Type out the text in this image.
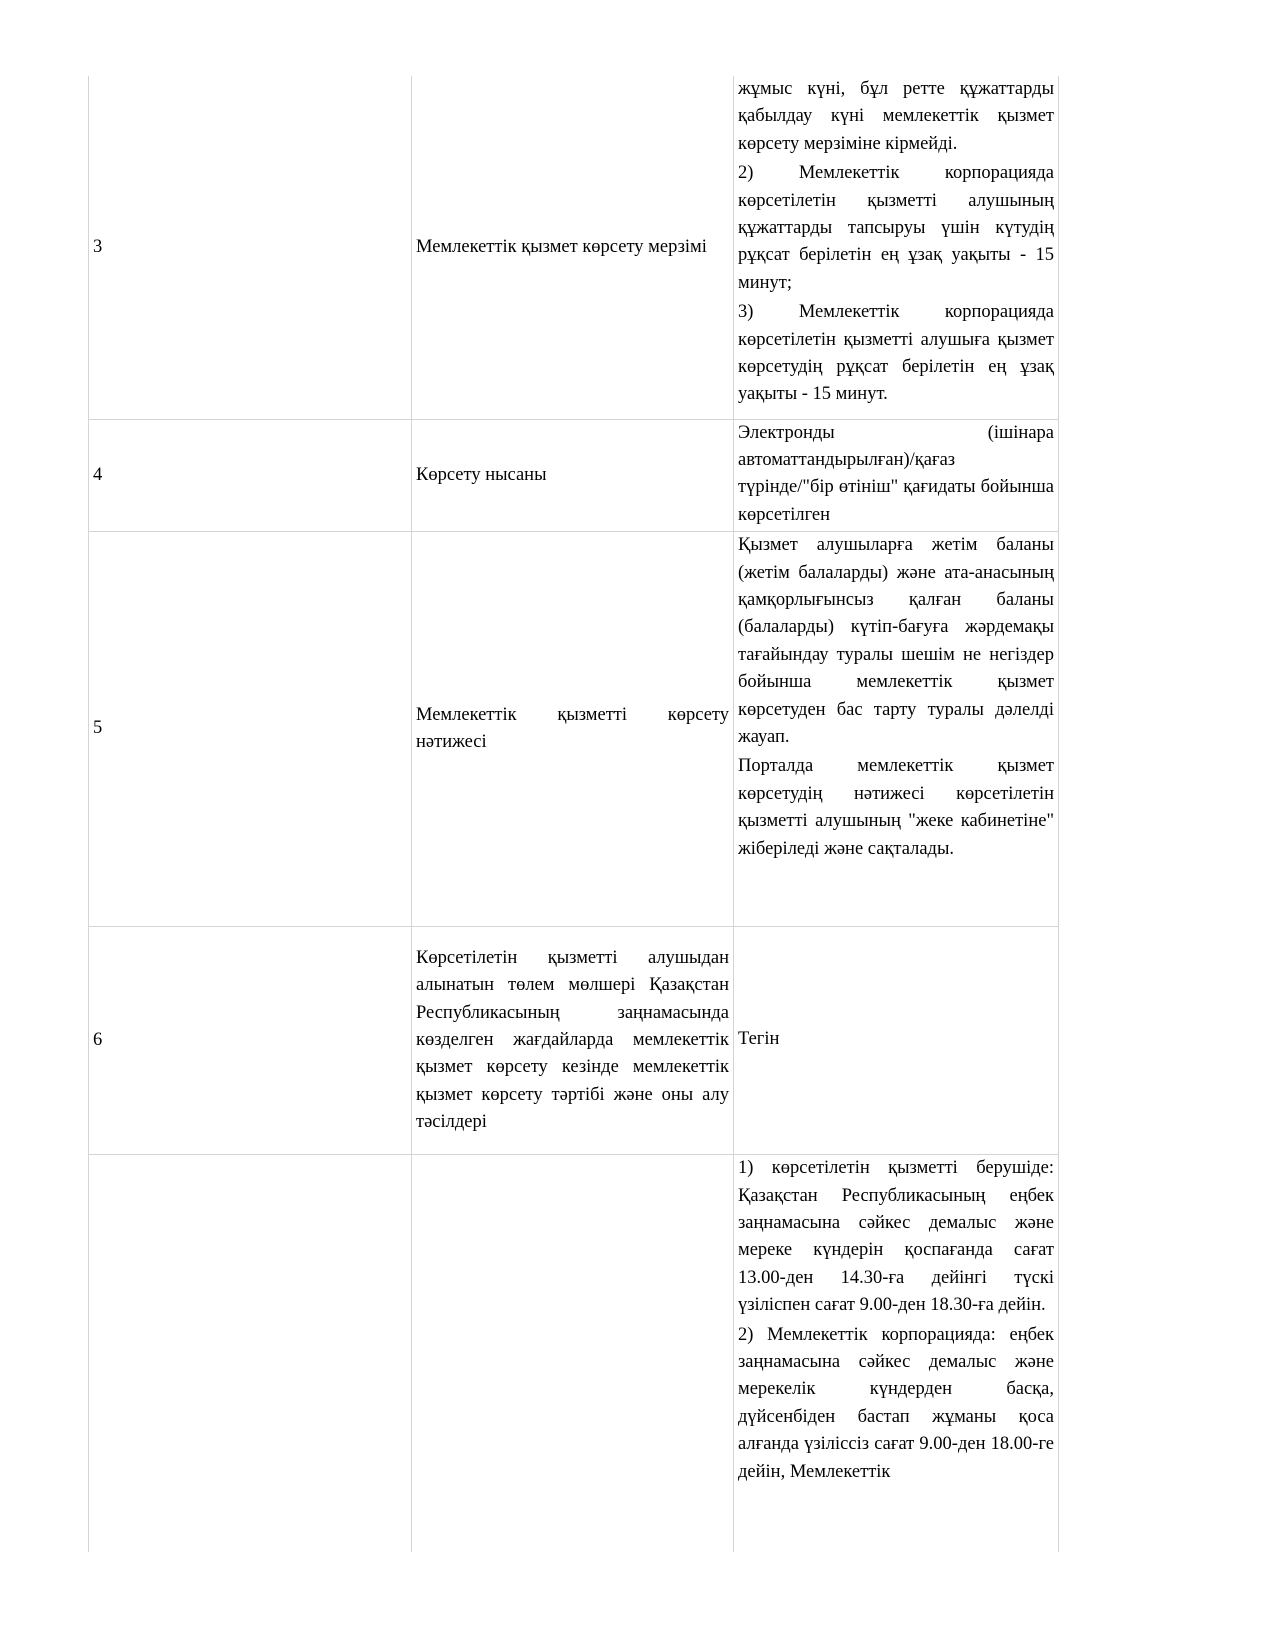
3	Мемлекеттік қызмет көрсету мерзімі	жұмыс күні, бұл ретте құжаттарды қабылдау күні мемлекеттік қызмет көрсету мерзіміне кірмейді.

2) Мемлекеттік корпорацияда көрсетілетін қызметті алушының құжаттарды тапсыруы үшін күтудің рұқсат берілетін ең ұзақ уақыты - 15 минут;

3) Мемлекеттік корпорацияда көрсетілетін қызметті алушыға қызмет көрсетудің рұқсат берілетін ең ұзақ уақыты - 15 минут.

4	Көрсету нысаны	Электронды (ішінара автоматтандырылған)/қағаз түрінде/"бір өтініш" қағидаты бойынша көрсетілген

5	Мемлекеттік қызметті көрсету нәтижесі	Қызмет алушыларға жетім баланы (жетім балаларды) және ата-анасының қамқорлығынсыз қалған баланы (балаларды) күтіп-бағуға жәрдемақы тағайындау туралы шешім не негіздер бойынша мемлекеттік қызмет көрсетуден бас тарту туралы дәлелді жауап.

Порталда мемлекеттік қызмет көрсетудің нәтижесі көрсетілетін қызметті алушының "жеке кабинетіне" жіберіледі және сақталады.

6	Көрсетілетін қызметті алушыдан алынатын төлем мөлшері Қазақстан Республикасының заңнамасында көзделген жағдайларда мемлекеттік қызмет көрсету кезінде мемлекеттік қызмет көрсету тәртібі және оны алу тәсілдері	Тегін

		1) көрсетілетін қызметті берушіде: Қазақстан Республикасының еңбек заңнамасына сәйкес демалыс және мереке күндерін қоспағанда сағат 13.00-ден 14.30-ға дейінгі түскі үзіліспен сағат 9.00-ден 18.30-ға дейін.

2) Мемлекеттік корпорацияда: еңбек заңнамасына сәйкес демалыс және мерекелік күндерден басқа, дүйсенбіден бастап жұманы қоса алғанда үзіліссіз сағат 9.00-ден 18.00-ге дейін, Мемлекеттік
